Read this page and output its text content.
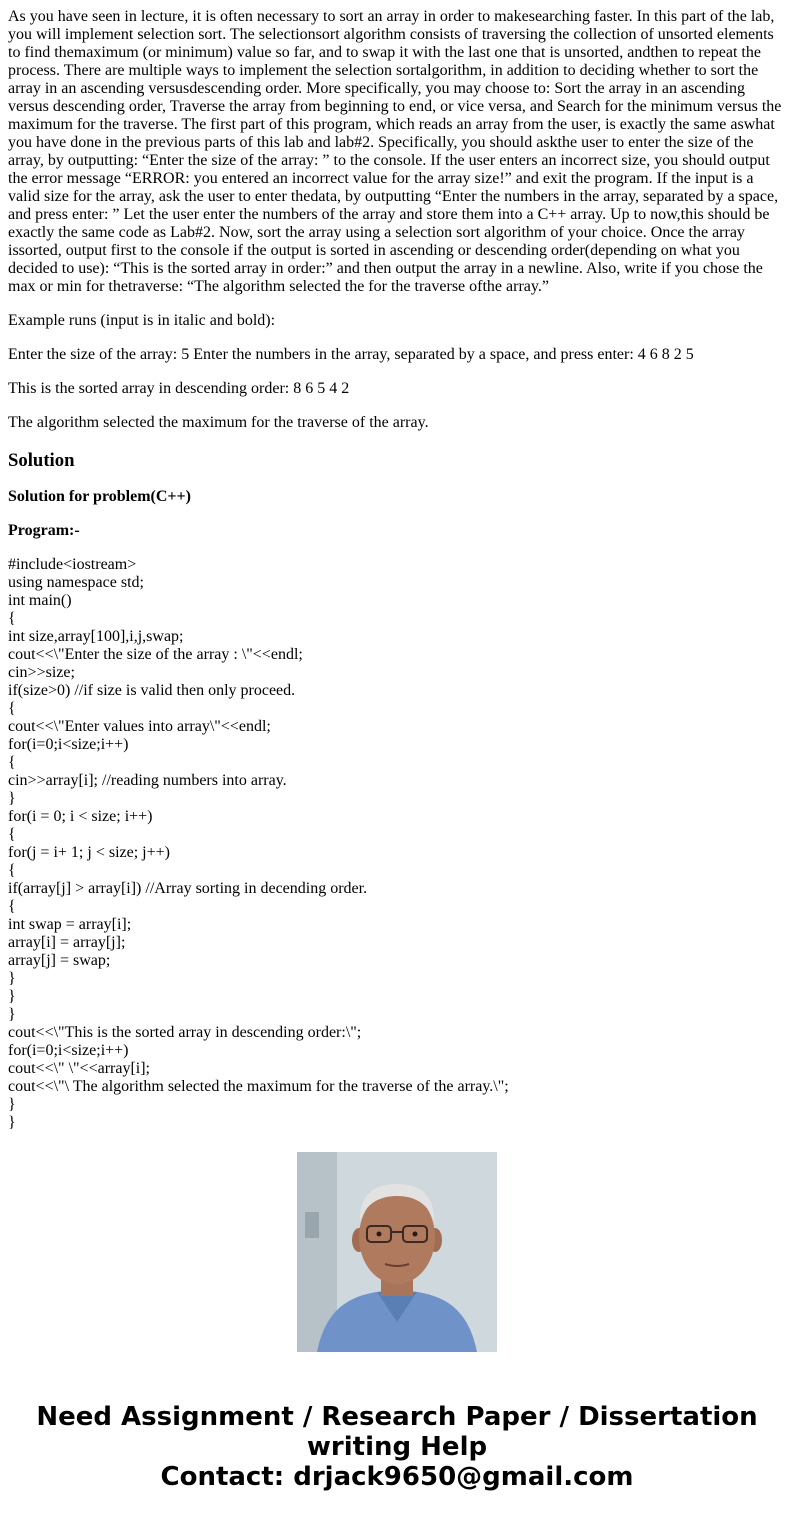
As you have seen in lecture, it is often necessary to sort an array in order to makesearching faster. In this part of the lab, you will implement selection sort. The selectionsort algorithm consists of traversing the collection of unsorted elements to find themaximum (or minimum) value so far, and to swap it with the last one that is unsorted, andthen to repeat the process. There are multiple ways to implement the selection sortalgorithm, in addition to deciding whether to sort the array in an ascending versusdescending order. More specifically, you may choose to: Sort the array in an ascending versus descending order, Traverse the array from beginning to end, or vice versa, and Search for the minimum versus the maximum for the traverse. The first part of this program, which reads an array from the user, is exactly the same aswhat you have done in the previous parts of this lab and lab#2. Specifically, you should askthe user to enter the size of the array, by outputting: “Enter the size of the array: ” to the console. If the user enters an incorrect size, you should output the error message “ERROR: you entered an incorrect value for the array size!” and exit the program. If the input is a valid size for the array, ask the user to enter thedata, by outputting “Enter the numbers in the array, separated by a space, and press enter: ” Let the user enter the numbers of the array and store them into a C++ array. Up to now,this should be exactly the same code as Lab#2. Now, sort the array using a selection sort algorithm of your choice. Once the array issorted, output first to the console if the output is sorted in ascending or descending order(depending on what you decided to use): “This is the sorted array in order:” and then output the array in a newline. Also, write if you chose the max or min for thetraverse: “The algorithm selected the for the traverse ofthe array.”

Example runs (input is in italic and bold):

Enter the size of the array: 5 Enter the numbers in the array, separated by a space, and press enter: 4 6 8 2 5

This is the sorted array in descending order: 8 6 5 4 2

The algorithm selected the maximum for the traverse of the array.

Solution
Solution for problem(C++)
Program:-
#include<iostream>
using namespace std;
int main()
{
int size,array[100],i,j,swap;
cout<<\"Enter the size of the array : \"<<endl;
cin>>size;
if(size>0) //if size is valid then only proceed.
{
cout<<\"Enter values into array\"<<endl;
for(i=0;i<size;i++)
{
cin>>array[i]; //reading numbers into array.
}
for(i = 0; i < size; i++)
{
for(j = i+ 1; j < size; j++)
{
if(array[j] > array[i]) //Array sorting in decending order.
{
int swap = array[i];
array[i] = array[j];
array[j] = swap;
}
}
}
cout<<\"This is the sorted array in descending order:\";
for(i=0;i<size;i++)
cout<<\" \"<<array[i];
cout<<\"\ The algorithm selected the maximum for the traverse of the array.\";
}
}
Need Assignment / Research Paper / Dissertation
writing Help
Contact: drjack9650@gmail.com
